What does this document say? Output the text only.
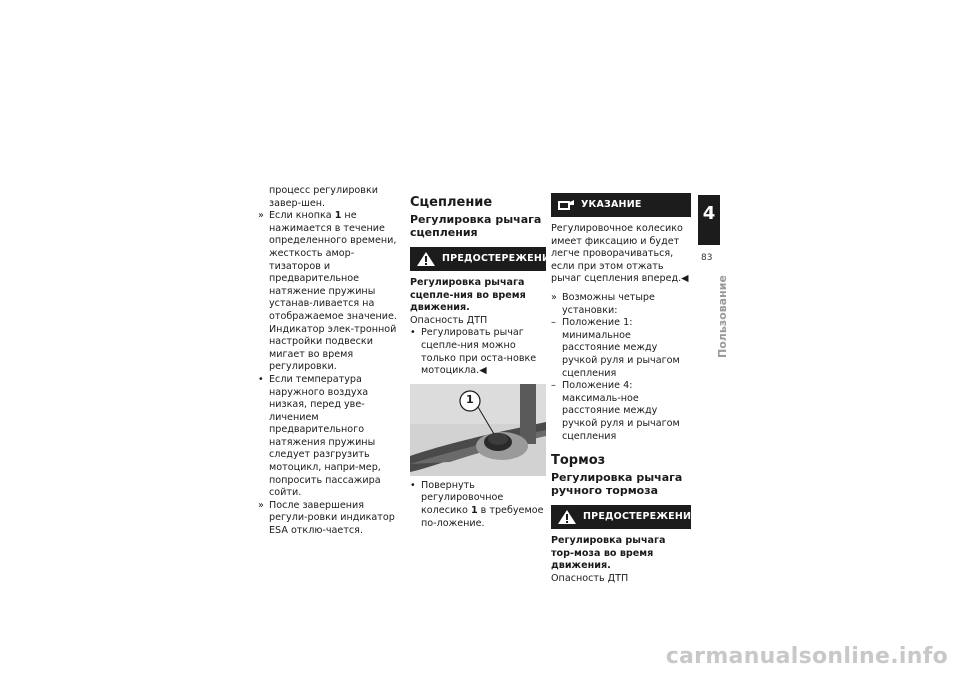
процесс регулировки завер-шен.

» Если кнопка 1 не нажимается в течение определенного времени, жесткость амор-тизаторов и предварительное натяжение пружины устанав-ливается на отображаемое значение. Индикатор элек-тронной настройки подвески мигает во время регулировки.
• Если температура наружного воздуха низкая, перед уве-личением предварительного натяжения пружины следует разгрузить мотоцикл, напри-мер, попросить пассажира сойти.
» После завершения регули-ровки индикатор ESA отклю-чается.
Сцепление
Регулировка рычага сцепления
ПРЕДОСТЕРЕЖЕНИЕ

Регулировка рычага сцепле-ния во время движения.

Опасность ДТП

• Регулировать рычаг сцепле-ния можно только при оста-новке мотоцикла.◀
1
• Повернуть регулировочное колесико 1 в требуемое по-ложение.
УКАЗАНИЕ

Регулировочное колесико имеет фиксацию и будет легче проворачиваться, если при этом отжать рычаг сцепления вперед.◀

» Возможны четыре установки:
– Положение 1: минимальное расстояние между ручкой руля и рычагом сцепления
– Положение 4: максималь-ное расстояние между ручкой руля и рычагом сцепления
Тормоз
Регулировка рычага ручного тормоза
ПРЕДОСТЕРЕЖЕНИЕ

Регулировка рычага тор-моза во время движения.

Опасность ДТП

4
83
Пользование
carmanualsonline.info
